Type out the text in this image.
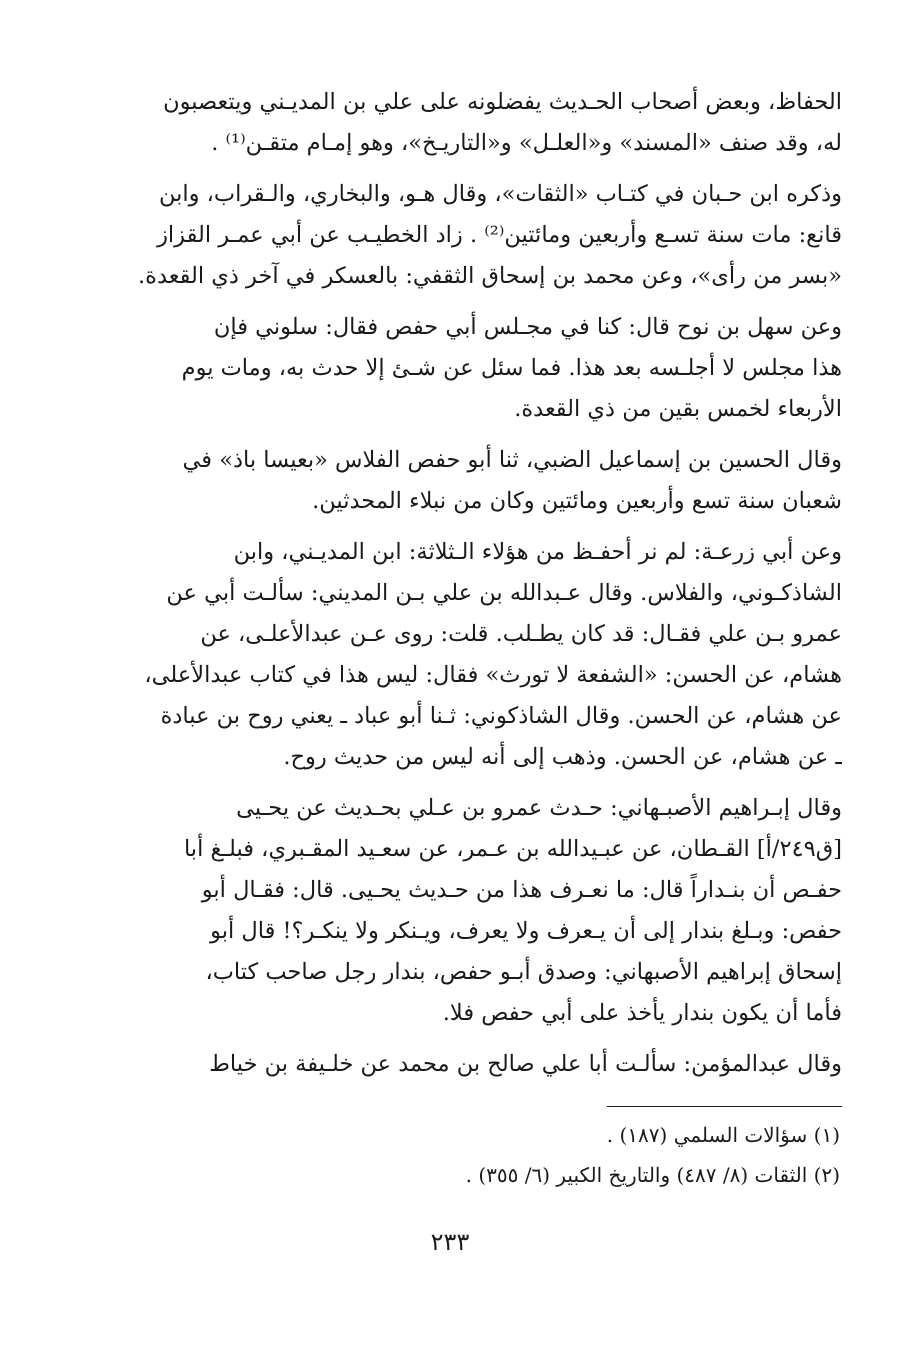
الحفاظ، وبعض أصحاب الحـديث يفضلونه على علي بن المديـني ويتعصبون
له، وقد صنف «المسند» و«العلـل» و«التاريـخ»، وهو إمـام متقـن⁽¹⁾ .
وذكره ابن حـبان في كتـاب «الثقات»، وقال هـو، والبخاري، والـقراب، وابن
قانع: مات سنة تسـع وأربعين ومائتين⁽²⁾ . زاد الخطيـب عن أبي عمـر القزاز
«بسر من رأى»، وعن محمد بن إسحاق الثقفي: بالعسكر في آخر ذي القعدة.
وعن سهل بن نوح قال: كنا في مجـلس أبي حفص فقال: سلوني فإن
هذا مجلس لا أجلـسه بعد هذا. فما سئل عن شـئ إلا حدث به، ومات يوم
الأربعاء لخمس بقين من ذي القعدة.
وقال الحسين بن إسماعيل الضبي، ثنا أبو حفص الفلاس «بعيسا باذ» في
شعبان سنة تسع وأربعين ومائتين وكان من نبلاء المحدثين.
وعن أبي زرعـة: لم نر أحفـظ من هؤلاء الـثلاثة: ابن المديـني، وابن
الشاذكـوني، والفلاس. وقال عـبدالله بن علي بـن المديني: سألـت أبي عن
عمرو بـن علي فقـال: قد كان يطـلب. قلت: روى عـن عبدالأعلـى، عن
هشام، عن الحسن: «الشفعة لا تورث» فقال: ليس هذا في كتاب عبدالأعلى،
عن هشام، عن الحسن. وقال الشاذكوني: ثـنا أبو عباد ـ يعني روح بن عبادة
ـ عن هشام، عن الحسن. وذهب إلى أنه ليس من حديث روح.
وقال إبـراهيم الأصبـهاني: حـدث عمرو بن عـلي بحـديث عن يحـيى
[ق٢٤٩/أ] القـطان، عن عبـيدالله بن عـمر، عن سعـيد المقـبري، فبلـغ أبا
حفـص أن بنـداراً قال: ما نعـرف هذا من حـديث يحـيى. قال: فقـال أبو
حفص: وبـلغ بندار إلى أن يـعرف ولا يعرف، ويـنكر ولا ينكـر؟! قال أبو
إسحاق إبراهيم الأصبهاني: وصدق أبـو حفص، بندار رجل صاحب كتاب،
فأما أن يكون بندار يأخذ على أبي حفص فلا.
وقال عبدالمؤمن: سألـت أبا علي صالح بن محمد عن خلـيفة بن خياط
(١) سؤالات السلمي (١٨٧) .
(٢) الثقات (٨/ ٤٨٧) والتاريخ الكبير (٦/ ٣٥٥) .
٢٣٣
